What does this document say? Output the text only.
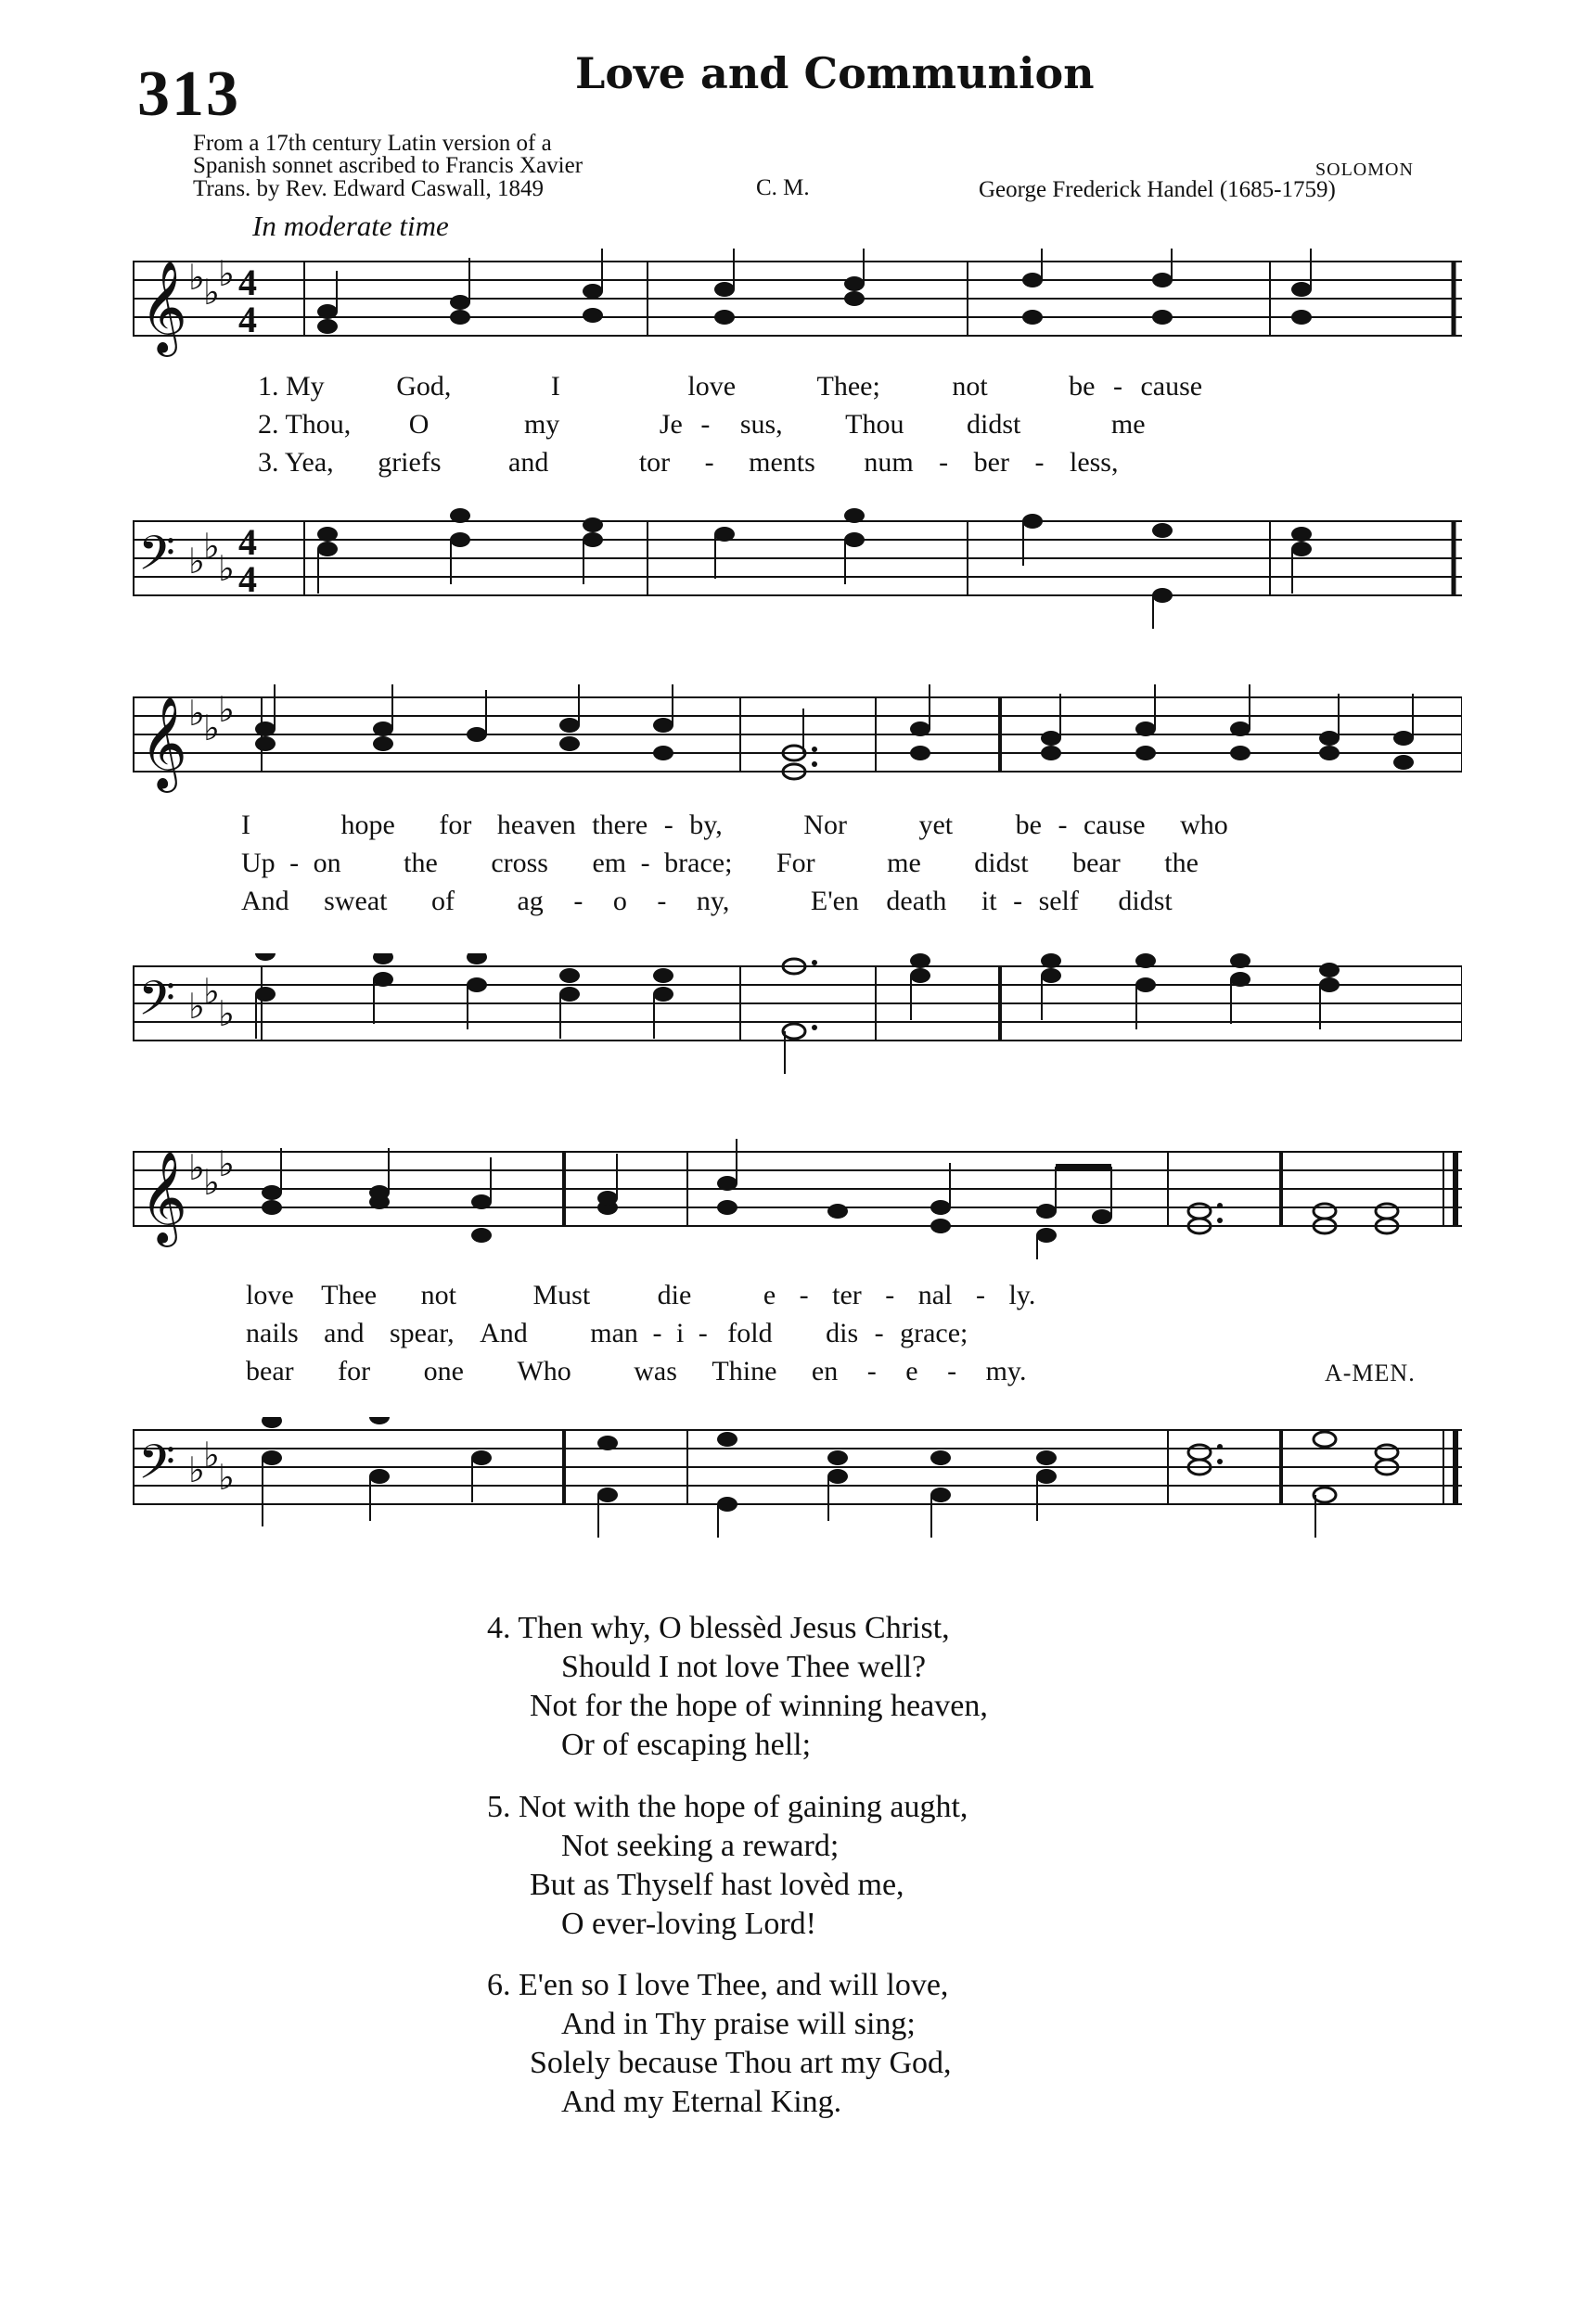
313	Love and Communion
From a 17th century Latin version of a
Spanish sonnet ascribed to Francis Xavier
Trans. by Rev. Edward Caswall, 1849	C. M.
SOLOMON
George Frederick Handel (1685-1759)
In moderate time
𝄞 ♭
♭
♭ 4
4
1. My	God,	I	love	Thee;	not	be - cause
2. Thou, O	my	Je - sus, Thou didst	me
3. Yea, griefs and	tor - ments num - ber - less,
𝄢 ♭
♭
♭
4
4
𝄞 ♭
♭
♭
I	hope for heaven there - by,	Nor	yet be - cause who
Up - on the cross em - brace; For	me didst bear the
And sweat of ag - o - ny,	E'en death it - self didst
𝄢 ♭
♭
♭
𝄞 ♭
♭
♭
love Thee not	Must die	e - ter - nal - ly.
nails and spear, And man - i - fold dis - grace;
bear for one Who was Thine en - e - my.	A-MEN.
𝄢 ♭
♭
♭
4. Then why, O blessèd Jesus Christ,
Should I not love Thee well?
Not for the hope of winning heaven,
Or of escaping hell;
5. Not with the hope of gaining aught,
Not seeking a reward;
But as Thyself hast lovèd me,
O ever-loving Lord!
6. E'en so I love Thee, and will love,
And in Thy praise will sing;
Solely because Thou art my God,
And my Eternal King.
